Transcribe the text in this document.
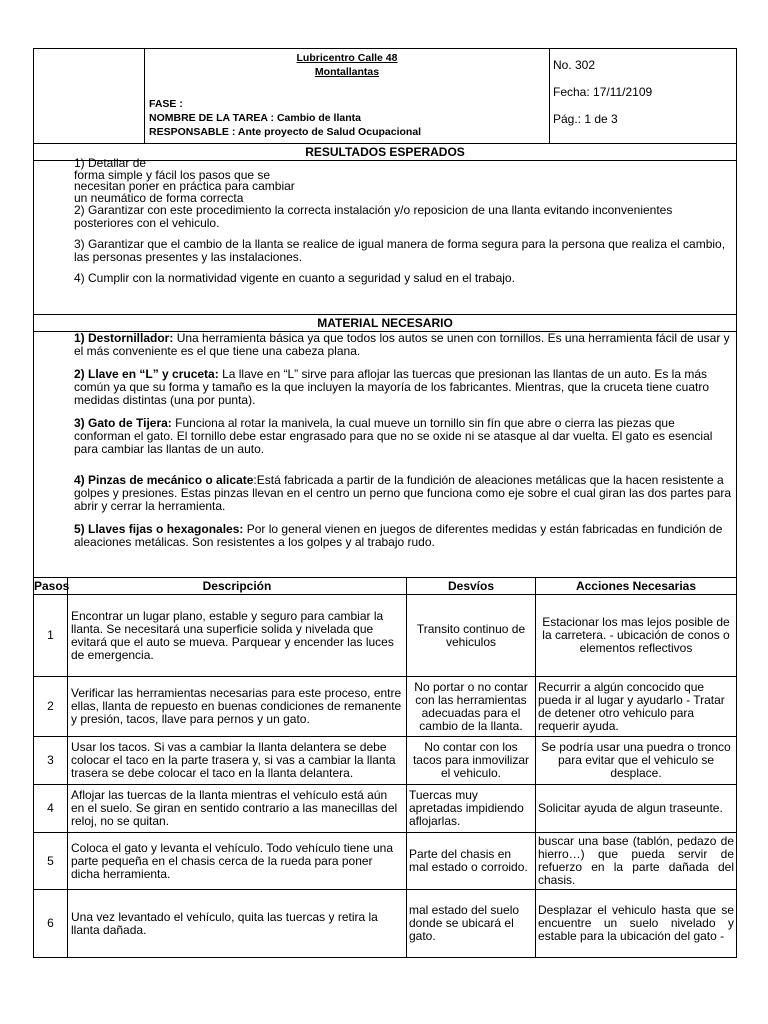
Lubricentro Calle 48
Montallantas
FASE :
NOMBRE DE LA TAREA : Cambio de llanta
RESPONSABLE : Ante proyecto de Salud Ocupacional

No. 302
Fecha: 17/11/2109
Pág.: 1 de 3
RESULTADOS ESPERADOS

1) Detallar de

forma simple y fácil los pasos que se

necesitan poner en práctica para cambiar

un neumático de forma correcta

2) Garantizar con este procedimiento la correcta instalación y/o reposicion de una llanta evitando inconvenientes posteriores con el vehiculo.

3) Garantizar que el cambio de la llanta se realice de igual manera de forma segura para la persona que realiza el cambio, las personas presentes y las instalaciones.

4) Cumplir con la normatividad vigente en cuanto a seguridad y salud en el trabajo.

MATERIAL NECESARIO

1) Destornillador: Una herramienta básica ya que todos los autos se unen con tornillos. Es una herramienta fácil de usar y el más conveniente es el que tiene una cabeza plana.

2) Llave en “L” y cruceta: La llave en “L” sirve para aflojar las tuercas que presionan las llantas de un auto. Es la más común ya que su forma y tamaño es la que incluyen la mayoría de los fabricantes. Mientras, que la cruceta tiene cuatro medidas distintas (una por punta).

3) Gato de Tijera: Funciona al rotar la manivela, la cual mueve un tornillo sin fín que abre o cierra las piezas que conforman el gato. El tornillo debe estar engrasado para que no se oxide ni se atasque al dar vuelta. El gato es esencial para cambiar las llantas de un auto.

4) Pinzas de mecánico o alicate:Está fabricada a partir de la fundición de aleaciones metálicas que la hacen resistente a golpes y presiones. Estas pinzas llevan en el centro un perno que funciona como eje sobre el cual giran las dos partes para abrir y cerrar la herramienta.

5) Llaves fijas o hexagonales: Por lo general vienen en juegos de diferentes medidas y están fabricadas en fundición de aleaciones metálicas. Son resistentes a los golpes y al trabajo rudo.

Pasos	Descripción	Desvíos	Acciones Necesarias
1	Encontrar un lugar plano, estable y seguro para cambiar la llanta. Se necesitará una superficie solida y nivelada que evitará que el auto se mueva. Parquear y encender las luces de emergencia.	Transito continuo de vehiculos	Estacionar los mas lejos posible de la carretera. - ubicación de conos o elementos reflectivos
2	Verificar las herramientas necesarias para este proceso, entre ellas, llanta de repuesto en buenas condiciones de remanente y presión, tacos, llave para pernos y un gato.	No portar o no contar con las herramientas adecuadas para el cambio de la llanta.	Recurrir a algún concocido que pueda ir al lugar y ayudarlo - Tratar de detener otro vehiculo para requerir ayuda.
3	Usar los tacos. Si vas a cambiar la llanta delantera se debe colocar el taco en la parte trasera y, si vas a cambiar la llanta trasera se debe colocar el taco en la llanta delantera.	No contar con los tacos para inmovilizar el vehiculo.	Se podría usar una puedra o tronco para evitar que el vehiculo se desplace.
4	Aflojar las tuercas de la llanta mientras el vehículo está aún en el suelo. Se giran en sentido contrario a las manecillas del reloj, no se quitan.	Tuercas muy apretadas impidiendo aflojarlas.	Solicitar ayuda de algun traseunte.
5	Coloca el gato y levanta el vehículo. Todo vehículo tiene una parte pequeña en el chasis cerca de la rueda para poner dicha herramienta.	Parte del chasis en mal estado o corroido.	buscar una base (tablón, pedazo de hierro…) que pueda servir de refuerzo en la parte dañada del chasis.
6	Una vez levantado el vehículo, quita las tuercas y retira la llanta dañada.	mal estado del suelo donde se ubicará el gato.	Desplazar el vehiculo hasta que se encuentre un suelo nivelado y estable para la ubicación del gato -
